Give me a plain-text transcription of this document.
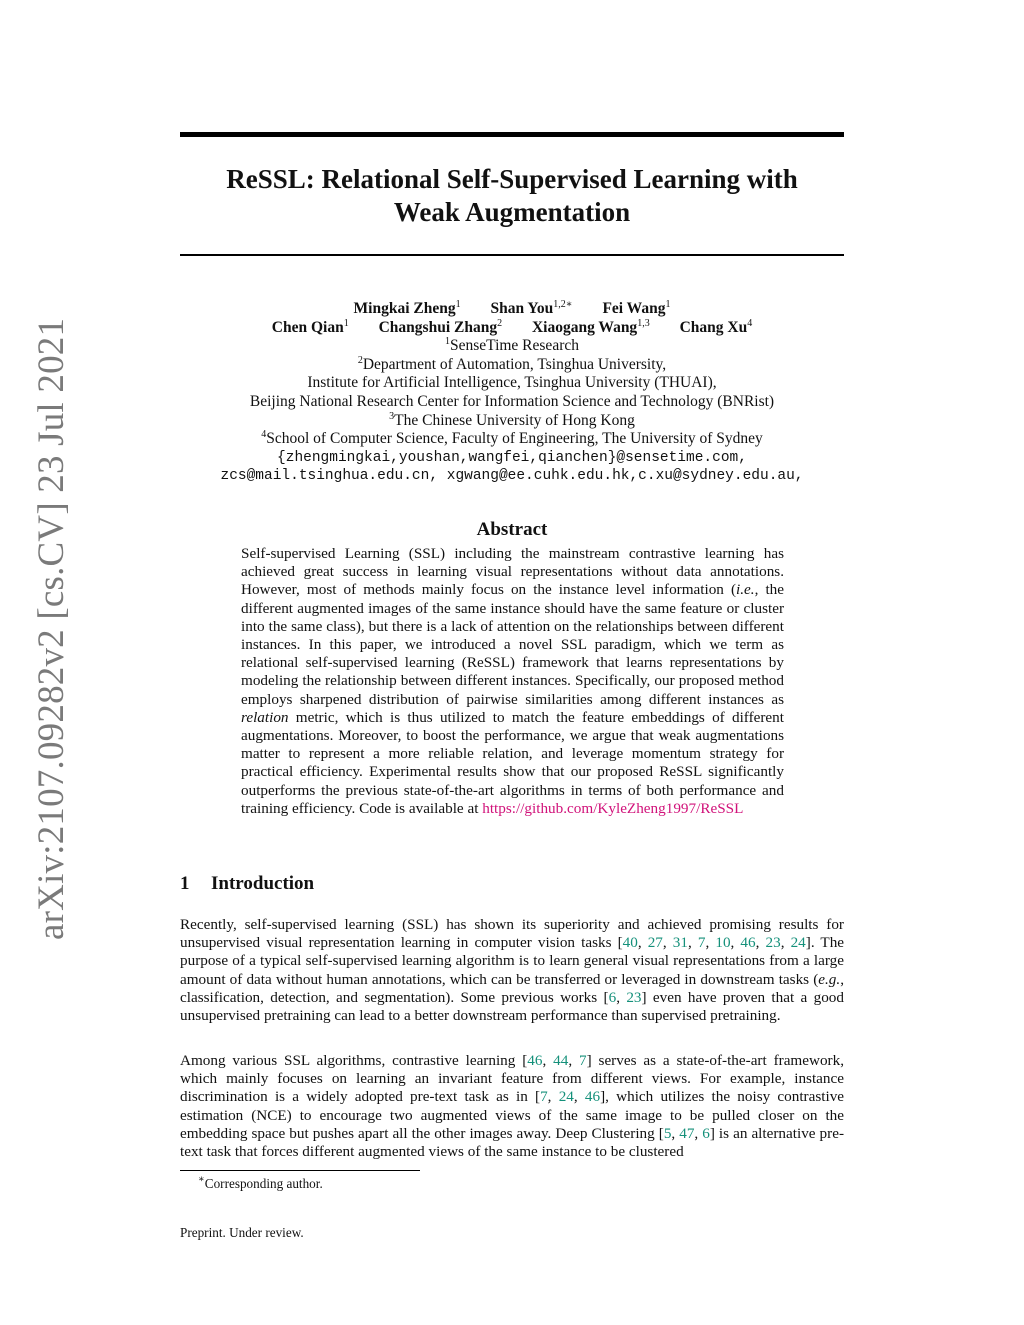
arXiv:2107.09282v2 [cs.CV] 23 Jul 2021
ReSSL: Relational Self-Supervised Learning with
Weak Augmentation
Mingkai Zheng$^1$ Shan You$^{1,2∗}$ Fei Wang$^1$
Chen Qian$^1$ Changshui Zhang$^2$ Xiaogang Wang$^{1,3}$ Chang Xu$^4$
$^1$SenseTime Research
$^2$Department of Automation, Tsinghua University,
Institute for Artificial Intelligence, Tsinghua University (THUAI),
Beijing National Research Center for Information Science and Technology (BNRist)
$^3$The Chinese University of Hong Kong
$^4$School of Computer Science, Faculty of Engineering, The University of Sydney
{zhengmingkai,youshan,wangfei,qianchen}@sensetime.com,
zcs@mail.tsinghua.edu.cn, xgwang@ee.cuhk.edu.hk,c.xu@sydney.edu.au,
Abstract
Self-supervised Learning (SSL) including the mainstream contrastive learning has achieved great success in learning visual representations without data annotations. However, most of methods mainly focus on the instance level information (i.e., the different augmented images of the same instance should have the same feature or cluster into the same class), but there is a lack of attention on the relationships between different instances. In this paper, we introduced a novel SSL paradigm, which we term as relational self-supervised learning (ReSSL) framework that learns representations by modeling the relationship between different instances. Specifically, our proposed method employs sharpened distribution of pairwise similarities among different instances as relation metric, which is thus utilized to match the feature embeddings of different augmentations. Moreover, to boost the performance, we argue that weak augmentations matter to represent a more reliable relation, and leverage momentum strategy for practical efficiency. Experimental results show that our proposed ReSSL significantly outperforms the previous state-of-the-art algorithms in terms of both performance and training efficiency. Code is available at https://github.com/KyleZheng1997/ReSSL
1 Introduction
Recently, self-supervised learning (SSL) has shown its superiority and achieved promising results for unsupervised visual representation learning in computer vision tasks [40, 27, 31, 7, 10, 46, 23, 24]. The purpose of a typical self-supervised learning algorithm is to learn general visual representations from a large amount of data without human annotations, which can be transferred or leveraged in downstream tasks (e.g., classification, detection, and segmentation). Some previous works [6, 23] even have proven that a good unsupervised pretraining can lead to a better downstream performance than supervised pretraining.
Among various SSL algorithms, contrastive learning [46, 44, 7] serves as a state-of-the-art framework, which mainly focuses on learning an invariant feature from different views. For example, instance discrimination is a widely adopted pre-text task as in [7, 24, 46], which utilizes the noisy contrastive estimation (NCE) to encourage two augmented views of the same image to be pulled closer on the embedding space but pushes apart all the other images away. Deep Clustering [5, 47, 6] is an alternative pre-text task that forces different augmented views of the same instance to be clustered
∗Corresponding author.
Preprint. Under review.
